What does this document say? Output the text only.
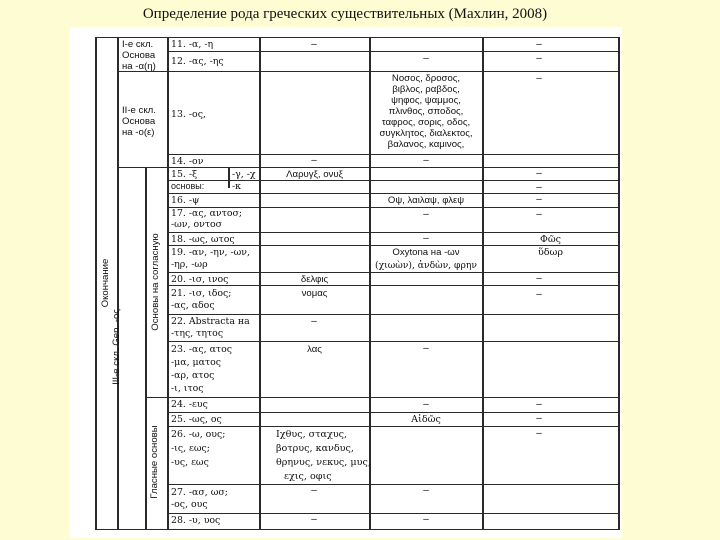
Определение рода греческих существительных (Махлин, 2008)
Окончание
III-е скл. Gen. -ος
Основы на согласную
Гласные основы
I-е скл.
Основа
на -α(η)
II-е скл.
Основа
на -ο(ε)
11. -α, -η
12. -ας, -ης
13. -ος,
14. -ον
15. -ξ
основы:
-γ, -χ
-κ
16. -ψ
17. -ας, αντοσ;
-ων, οντοσ
18. -ως, ωτος
19. -αν, -ην, -ων,
-ηρ, -ωρ
20. -ισ, ινος
21. -ισ, ιδος;
-ας, αδος
22. Abstracta на
-της, τητος
23. -ας, ατος
-μα, ματος
-αρ, ατος
-ι, ιτος
24. -ευς
25. -ως, ος
26. -ω, ους;
-ις, εως;
-υς, εως
27. -ασ, ωσ;
-ος, ους
28. -υ, υος
–
–
Λαρυγξ, ονυξ
δελφις
νομας
–
λας
Ιχθυς, σταχυς,
βοτρυς, κανδυς,
θρηνυς, νεκυς, μυς,
εχις, οφις
–
–
–
Νοσος, δροσος,
βιβλος, ραβδος,
ψηφος, ψαμμος,
πλινθος, σποδος,
ταφρος, σορις, οδος,
συγκλητος, διαλεκτος,
βαλανος, καμινος,
–
Οψ, λαιλαψ, φλεψ
–
–
Oxytona на -ων
(χιωὼν), ἀνδὼν, φρην
–
–
Αἰδῶς
–
–
–
–
–
–
–
–
–
Φῶς
ὕδωρ
–
–
–
–
–
